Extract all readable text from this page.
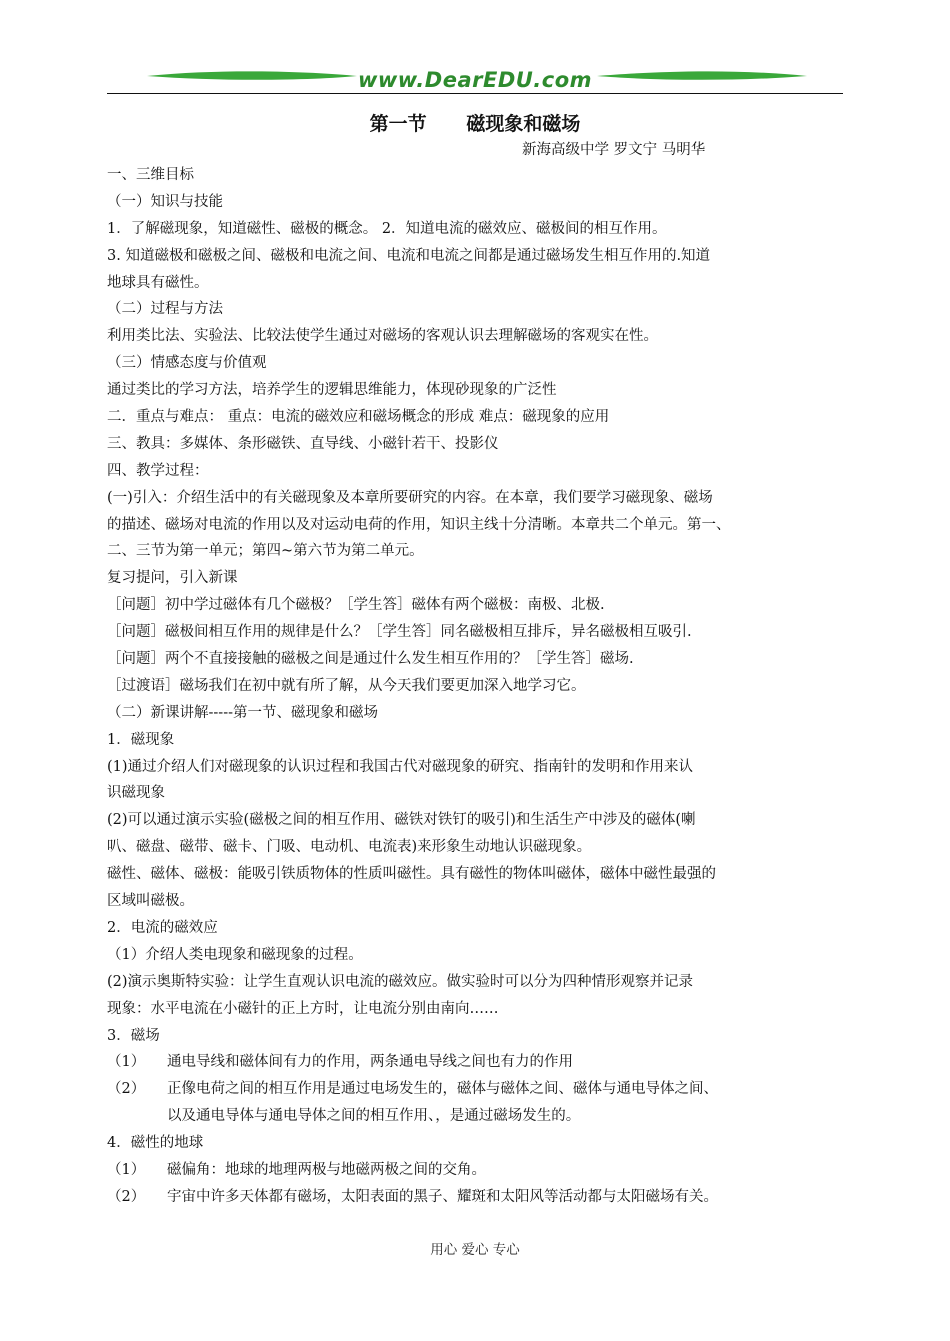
www.DearEDU.com
第一节      磁现象和磁场
新海高级中学 罗文宁 马明华
一、三维目标
（一）知识与技能
1．了解磁现象，知道磁性、磁极的概念。 2．知道电流的磁效应、磁极间的相互作用。
3. 知道磁极和磁极之间、磁极和电流之间、电流和电流之间都是通过磁场发生相互作用的.知道
地球具有磁性。
（二）过程与方法
利用类比法、实验法、比较法使学生通过对磁场的客观认识去理解磁场的客观实在性。
（三）情感态度与价值观
通过类比的学习方法，培养学生的逻辑思维能力，体现砂现象的广泛性
二．重点与难点： 重点：电流的磁效应和磁场概念的形成 难点：磁现象的应用
三、教具：多媒体、条形磁铁、直导线、小磁针若干、投影仪
四、教学过程：
(一)引入：介绍生活中的有关磁现象及本章所要研究的内容。在本章，我们要学习磁现象、磁场
的描述、磁场对电流的作用以及对运动电荷的作用，知识主线十分清晰。本章共二个单元。第一、
二、三节为第一单元；第四~第六节为第二单元。
复习提问，引入新课
［问题］初中学过磁体有几个磁极？［学生答］磁体有两个磁极：南极、北极.
［问题］磁极间相互作用的规律是什么？［学生答］同名磁极相互排斥，异名磁极相互吸引.
［问题］两个不直接接触的磁极之间是通过什么发生相互作用的？［学生答］磁场.
［过渡语］磁场我们在初中就有所了解，从今天我们要更加深入地学习它。
（二）新课讲解-----第一节、磁现象和磁场
1．磁现象
(1)通过介绍人们对磁现象的认识过程和我国古代对磁现象的研究、指南针的发明和作用来认
识磁现象
(2)可以通过演示实验(磁极之间的相互作用、磁铁对铁钉的吸引)和生活生产中涉及的磁体(喇
叭、磁盘、磁带、磁卡、门吸、电动机、电流表)来形象生动地认识磁现象。
磁性、磁体、磁极：能吸引铁质物体的性质叫磁性。具有磁性的物体叫磁体，磁体中磁性最强的
区域叫磁极。
2．电流的磁效应
（1）介绍人类电现象和磁现象的过程。
(2)演示奥斯特实验：让学生直观认识电流的磁效应。做实验时可以分为四种情形观察并记录
现象：水平电流在小磁针的正上方时，让电流分别由南向……
3．磁场
（1） 通电导线和磁体间有力的作用，两条通电导线之间也有力的作用
（2） 正像电荷之间的相互作用是通过电场发生的，磁体与磁体之间、磁体与通电导体之间、
以及通电导体与通电导体之间的相互作用、，是通过磁场发生的。
4．磁性的地球
（1） 磁偏角：地球的地理两极与地磁两极之间的交角。
（2） 宇宙中许多天体都有磁场，太阳表面的黑子、耀斑和太阳风等活动都与太阳磁场有关。
用心 爱心 专心
